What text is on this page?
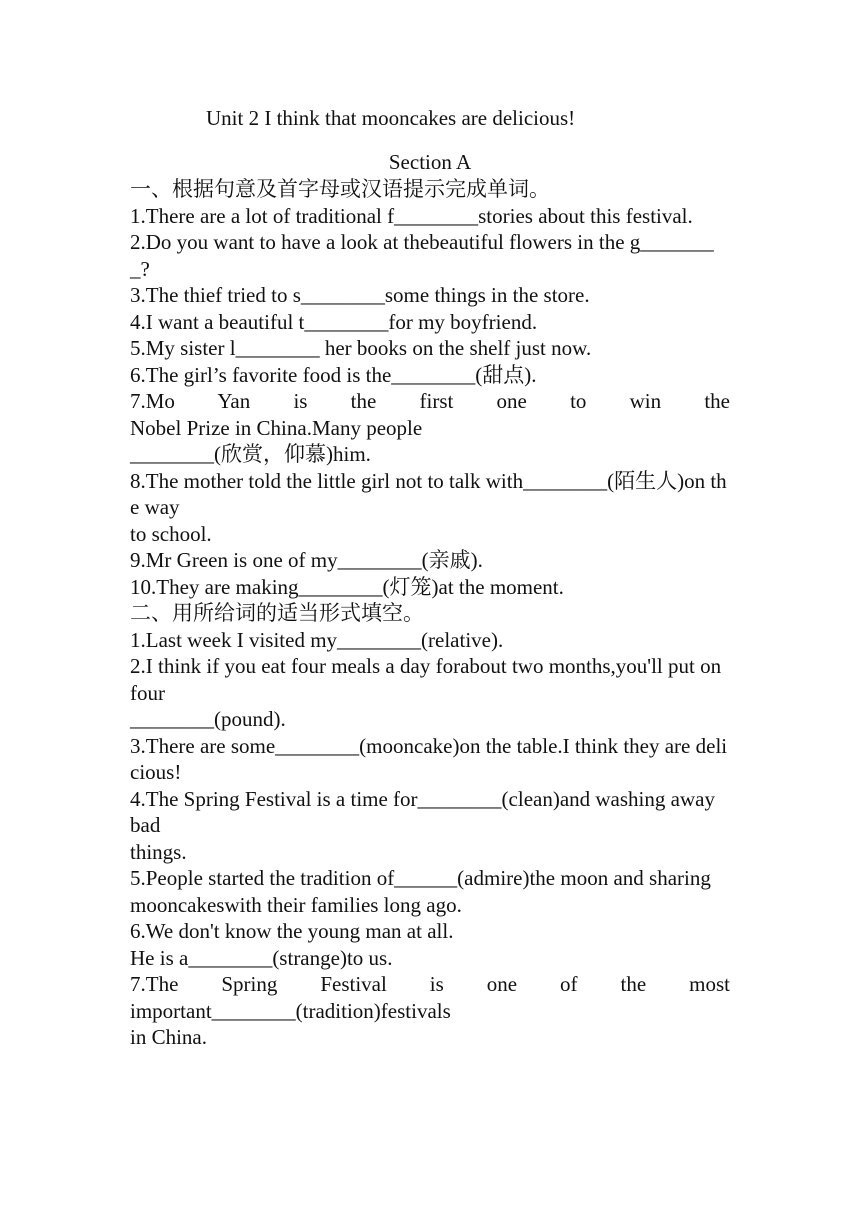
Unit 2 I think that mooncakes are delicious!
Section A
一、根据句意及首字母或汉语提示完成单词。
1.There are a lot of traditional f________stories about this festival.
2.Do you want to have a look at thebeautiful flowers in the g________?
3.The thief tried to s________some things in the store.
4.I want a beautiful t________for my boyfriend.
5.My sister l________ her books on the shelf just now.
6.The girl’s favorite food is the________(甜点).
7.Mo Yan is the first one to win the
Nobel Prize in China.Many people
________(欣赏，仰慕)him.
8.The mother told the little girl not to talk with________(陌生人)on the way
to school.
9.Mr Green is one of my________(亲戚).
10.They are making________(灯笼)at the moment.
二、用所给词的适当形式填空。
1.Last week I visited my________(relative).
2.I think if you eat four meals a day forabout two months,you'll put on four
________(pound).
3.There are some________(mooncake)on the table.I think they are delicious!
4.The Spring Festival is a time for________(clean)and washing away bad
things.
5.People started the tradition of______(admire)the moon and sharing mooncakeswith their families long ago.
6.We don't know the young man at all.
He is a________(strange)to us.
7.The Spring Festival is one of the most
important________(tradition)festivals
in China.
